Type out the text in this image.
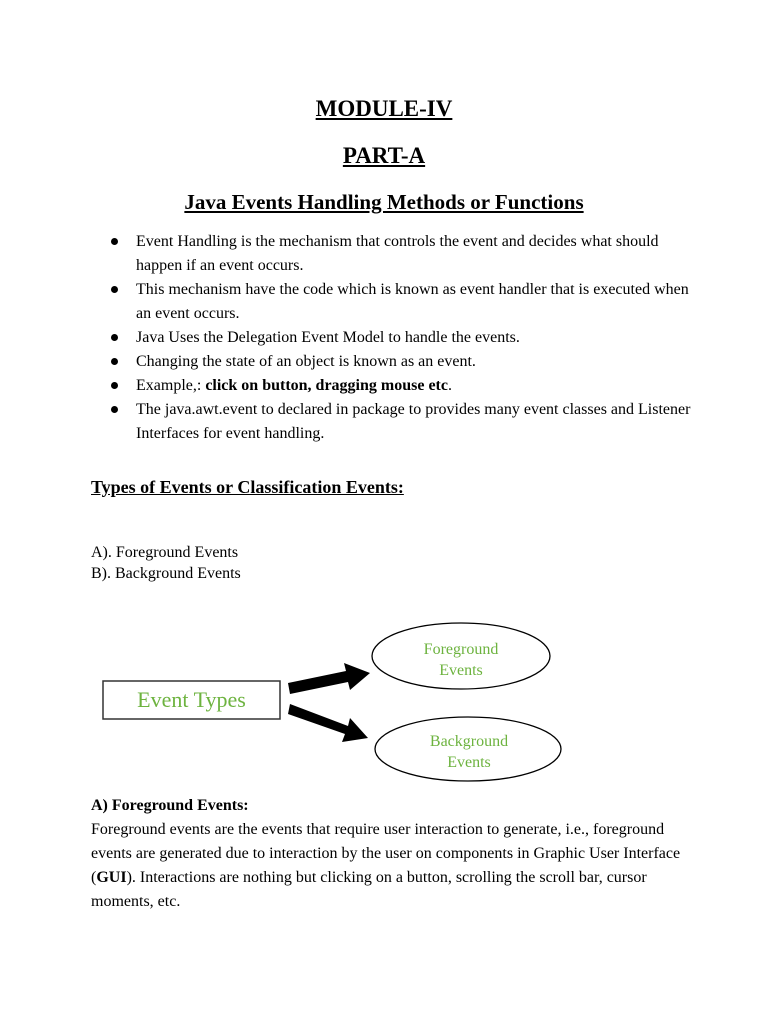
MODULE-IV
PART-A
Java Events Handling Methods or Functions
Event Handling is the mechanism that controls the event and decides what should happen if an event occurs.
This mechanism have the code which is known as event handler that is executed when an event occurs.
Java Uses the Delegation Event Model to handle the events.
Changing the state of an object is known as an event.
Example,: click on button, dragging mouse etc.
The java.awt.event to declared in package to provides many event classes and Listener Interfaces for event handling.
Types of Events or Classification Events:
A). Foreground Events
B). Background Events
Event Types
Foreground
Events
Background
Events

A) Foreground Events:

Foreground events are the events that require user interaction to generate, i.e., foreground events are generated due to interaction by the user on components in Graphic User Interface (GUI). Interactions are nothing but clicking on a button, scrolling the scroll bar, cursor moments, etc.
